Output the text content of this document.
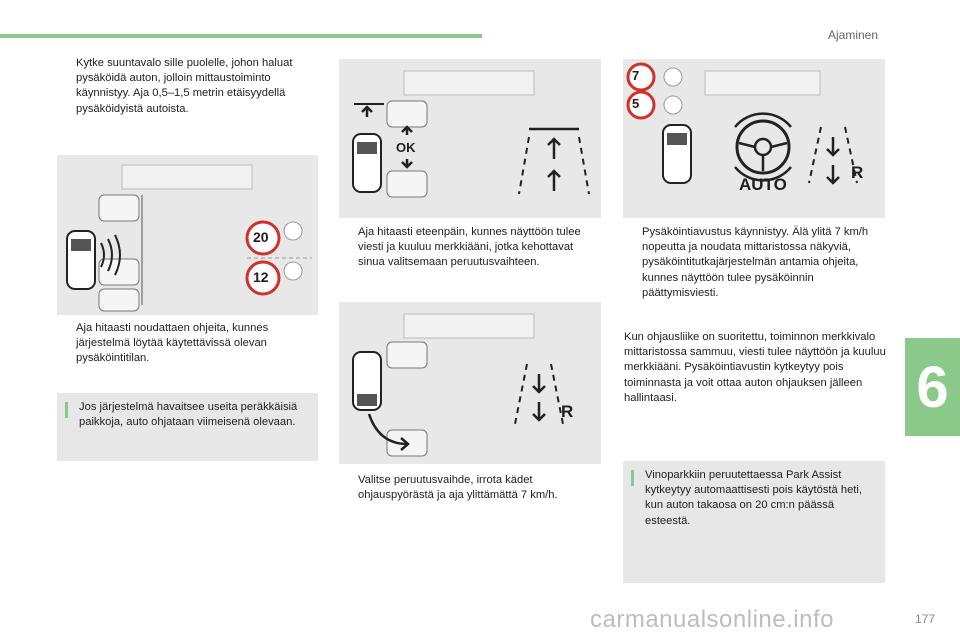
Ajaminen
6
177
carmanualsonline.info
Kytke suuntavalo sille puolelle, johon haluat pysäköidä auton, jolloin mittaustoiminto käynnistyy. Aja 0,5–1,5 metrin etäisyydellä pysäköidyistä autoista.
20
12
Aja hitaasti noudattaen ohjeita, kunnes järjestelmä löytää käytettävissä olevan pysäköintitilan.
Jos järjestelmä havaitsee useita peräkkäisiä paikkoja, auto ohjataan viimeisenä olevaan.
OK
Aja hitaasti eteenpäin, kunnes näyttöön tulee viesti ja kuuluu merkkiääni, jotka kehottavat sinua valitsemaan peruutusvaihteen.
R
Valitse peruutusvaihde, irrota kädet ohjauspyörästä ja aja ylittämättä 7 km/h.
7
5
AUTO
R
Pysäköintiavustus käynnistyy. Älä ylitä 7 km/h nopeutta ja noudata mittaristossa näkyviä, pysäköintitutkajärjestelmän antamia ohjeita, kunnes näyttöön tulee pysäköinnin päättymisviesti.
Kun ohjausliike on suoritettu, toiminnon merkkivalo mittaristossa sammuu, viesti tulee näyttöön ja kuuluu merkkiääni. Pysäköintiavustin kytkeytyy pois toiminnasta ja voit ottaa auton ohjauksen jälleen hallintaasi.
Vinoparkkiin peruutettaessa Park Assist kytkeytyy automaattisesti pois käytöstä heti, kun auton takaosa on 20 cm:n päässä esteestä.
